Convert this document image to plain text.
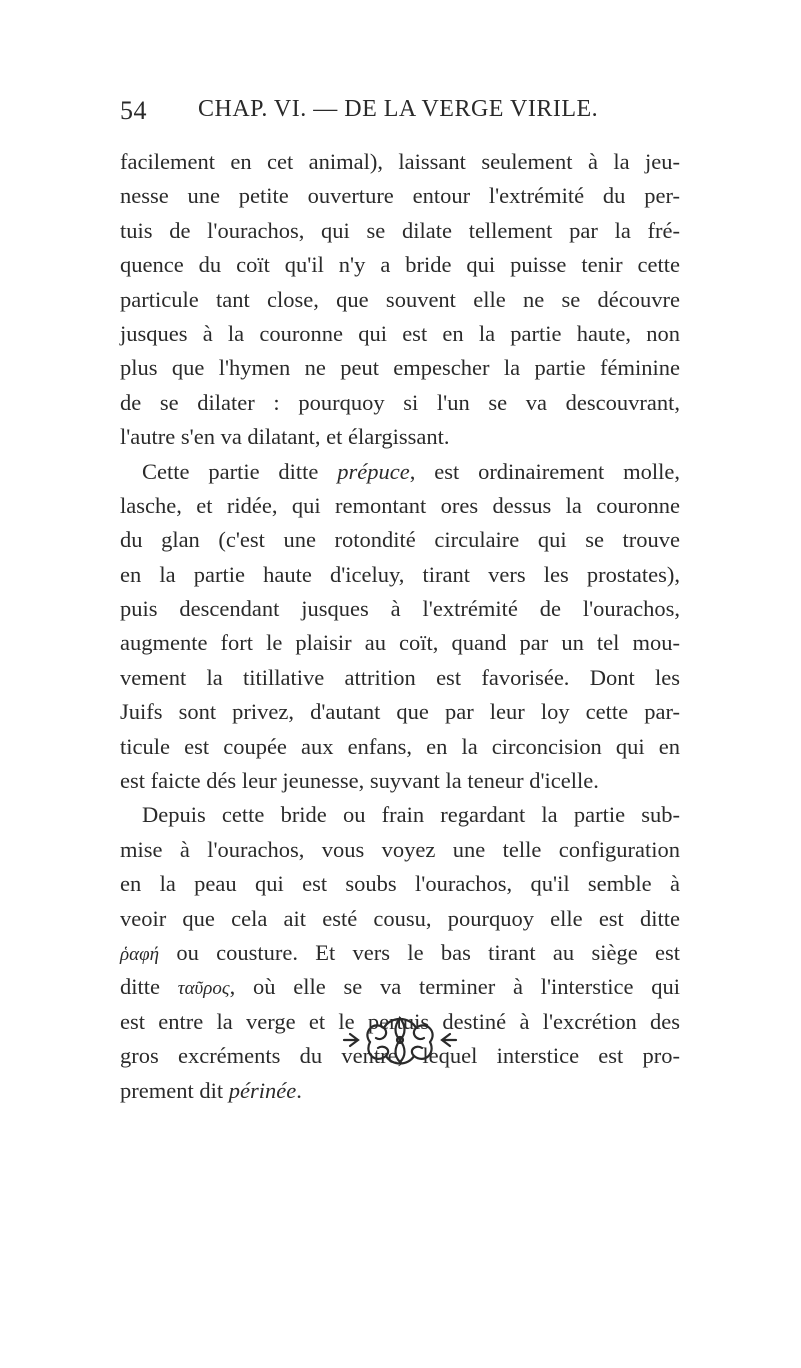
54 CHAP. VI. — DE LA VERGE VIRILE.
facilement en cet animal), laissant seulement à la jeu-
nesse une petite ouverture entour l'extrémité du per-
tuis de l'ourachos, qui se dilate tellement par la fré-
quence du coït qu'il n'y a bride qui puisse tenir cette
particule tant close, que souvent elle ne se découvre
jusques à la couronne qui est en la partie haute, non
plus que l'hymen ne peut empescher la partie féminine
de se dilater : pourquoy si l'un se va descouvrant,
l'autre s'en va dilatant, et élargissant.
Cette partie ditte prépuce, est ordinairement molle,
lasche, et ridée, qui remontant ores dessus la couronne
du glan (c'est une rotondité circulaire qui se trouve
en la partie haute d'iceluy, tirant vers les prostates),
puis descendant jusques à l'extrémité de l'ourachos,
augmente fort le plaisir au coït, quand par un tel mou-
vement la titillative attrition est favorisée. Dont les
Juifs sont privez, d'autant que par leur loy cette par-
ticule est coupée aux enfans, en la circoncision qui en
est faicte dés leur jeunesse, suyvant la teneur d'icelle.
Depuis cette bride ou frain regardant la partie sub-
mise à l'ourachos, vous voyez une telle configuration
en la peau qui est soubs l'ourachos, qu'il semble à
veoir que cela ait esté cousu, pourquoy elle est ditte
ῥαφή ou cousture. Et vers le bas tirant au siège est
ditte ταῦρος, où elle se va terminer à l'interstice qui
est entre la verge et le pertuis destiné à l'excrétion des
gros excréments du ventre, lequel interstice est pro-
prement dit périnée.
